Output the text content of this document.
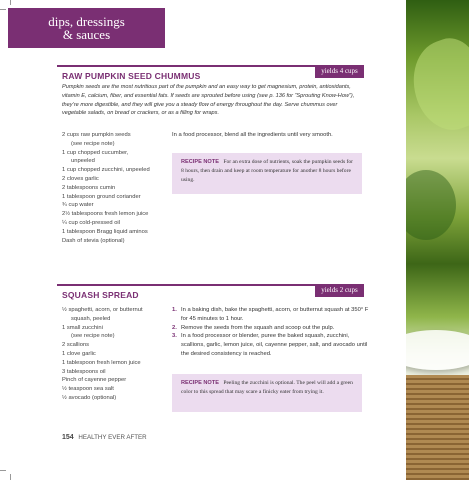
dips, dressings
& sauces
yields 4 cups
RAW PUMPKIN SEED CHUMMUS
Pumpkin seeds are the most nutritious part of the pumpkin and an easy way to get magnesium, protein, antioxidants, vitamin E, calcium, fiber, and essential fats. If seeds are sprouted before using (see p. 136 for “Sprouting Know-How”), they’re more digestible, and they will give you a steady flow of energy throughout the day. Serve chummus over vegetable salads, on bread or crackers, or as a filling for wraps.
2 cups raw pumpkin seeds
(see recipe note)
1 cup chopped cucumber,
unpeeled
1 cup chopped zucchini, unpeeled
2 cloves garlic
2 tablespoons cumin
1 tablespoon ground coriander
¾ cup water
2½ tablespoons fresh lemon juice
¼ cup cold-pressed oil
1 tablespoon Bragg liquid aminos
Dash of stevia (optional)
In a food processor, blend all the ingredients until very smooth.
RECIPE NOTE For an extra dose of nutrients, soak the pumpkin seeds for 8 hours, then drain and keep at room temperature for another 8 hours before using.
yields 2 cups
SQUASH SPREAD
½ spaghetti, acorn, or butternut
squash, peeled
1 small zucchini
(see recipe note)
2 scallions
1 clove garlic
1 tablespoon fresh lemon juice
3 tablespoons oil
Pinch of cayenne pepper
½ teaspoon sea salt
½ avocado (optional)
1. In a baking dish, bake the spaghetti, acorn, or butternut squash at 350° F for 45 minutes to 1 hour.
2. Remove the seeds from the squash and scoop out the pulp.
3. In a food processor or blender, puree the baked squash, zucchini, scallions, garlic, lemon juice, oil, cayenne pepper, salt, and avocado until the desired consistency is reached.
RECIPE NOTE Peeling the zucchini is optional. The peel will add a green color to this spread that may scare a finicky eater from trying it.
154 HEALTHY EVER AFTER
